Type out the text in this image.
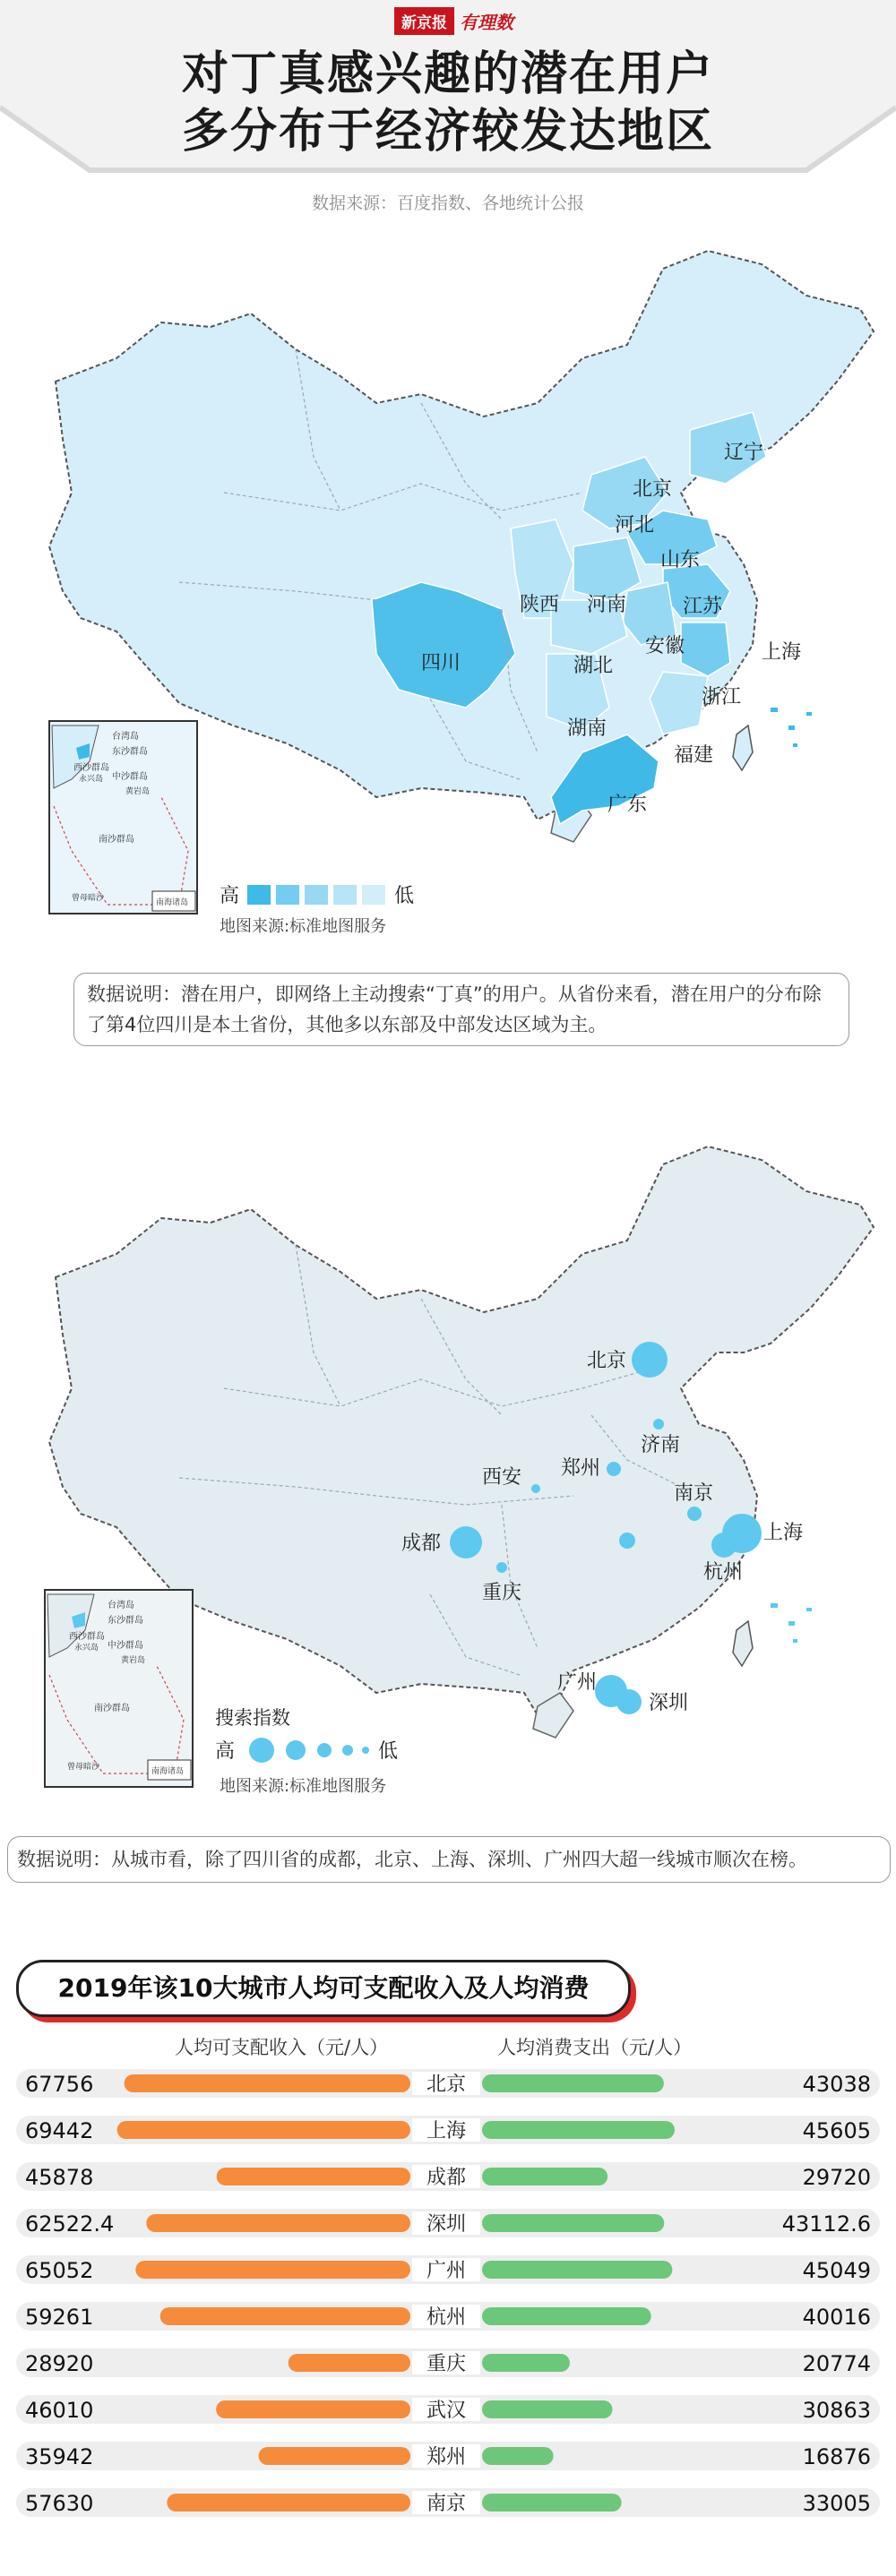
新京报 有理数
对丁真感兴趣的潜在用户
多分布于经济较发达地区
数据来源：百度指数、各地统计公报
台湾岛
东沙群岛
西沙群岛
永兴岛 中沙群岛
黄岩岛
南沙群岛
曾母暗沙	南海诸岛
辽宁
北京
河北
山东
陕西 河南	江苏
四川	湖北
安徽	上海
浙江
湖南
福建
广东
高	低
地图来源:标准地图服务
数据说明：潜在用户，即网络上主动搜索“丁真”的用户。从省份来看，潜在用户的分布除了第4位四川是本土省份，其他多以东部及中部发达区域为主。
北京
济南
西安 郑州
南京
成都	上海
杭州
重庆
广州
深圳
台湾岛
东沙群岛
西沙群岛
永兴岛 中沙群岛
黄岩岛
南沙群岛
曾母暗沙	南海诸岛
搜索指数
高	低
地图来源:标准地图服务
数据说明：从城市看，除了四川省的成都，北京、上海、深圳、广州四大超一线城市顺次在榜。
2019年该10大城市人均可支配收入及人均消费
人均可支配收入（元/人）	人均消费支出（元/人）
北京
67756	43038
上海
69442	45605
成都
45878	29720
深圳
62522.4	43112.6
广州
65052	45049
杭州
59261	40016
重庆
28920	20774
武汉
46010	30863
郑州
35942	16876
南京
57630	33005
